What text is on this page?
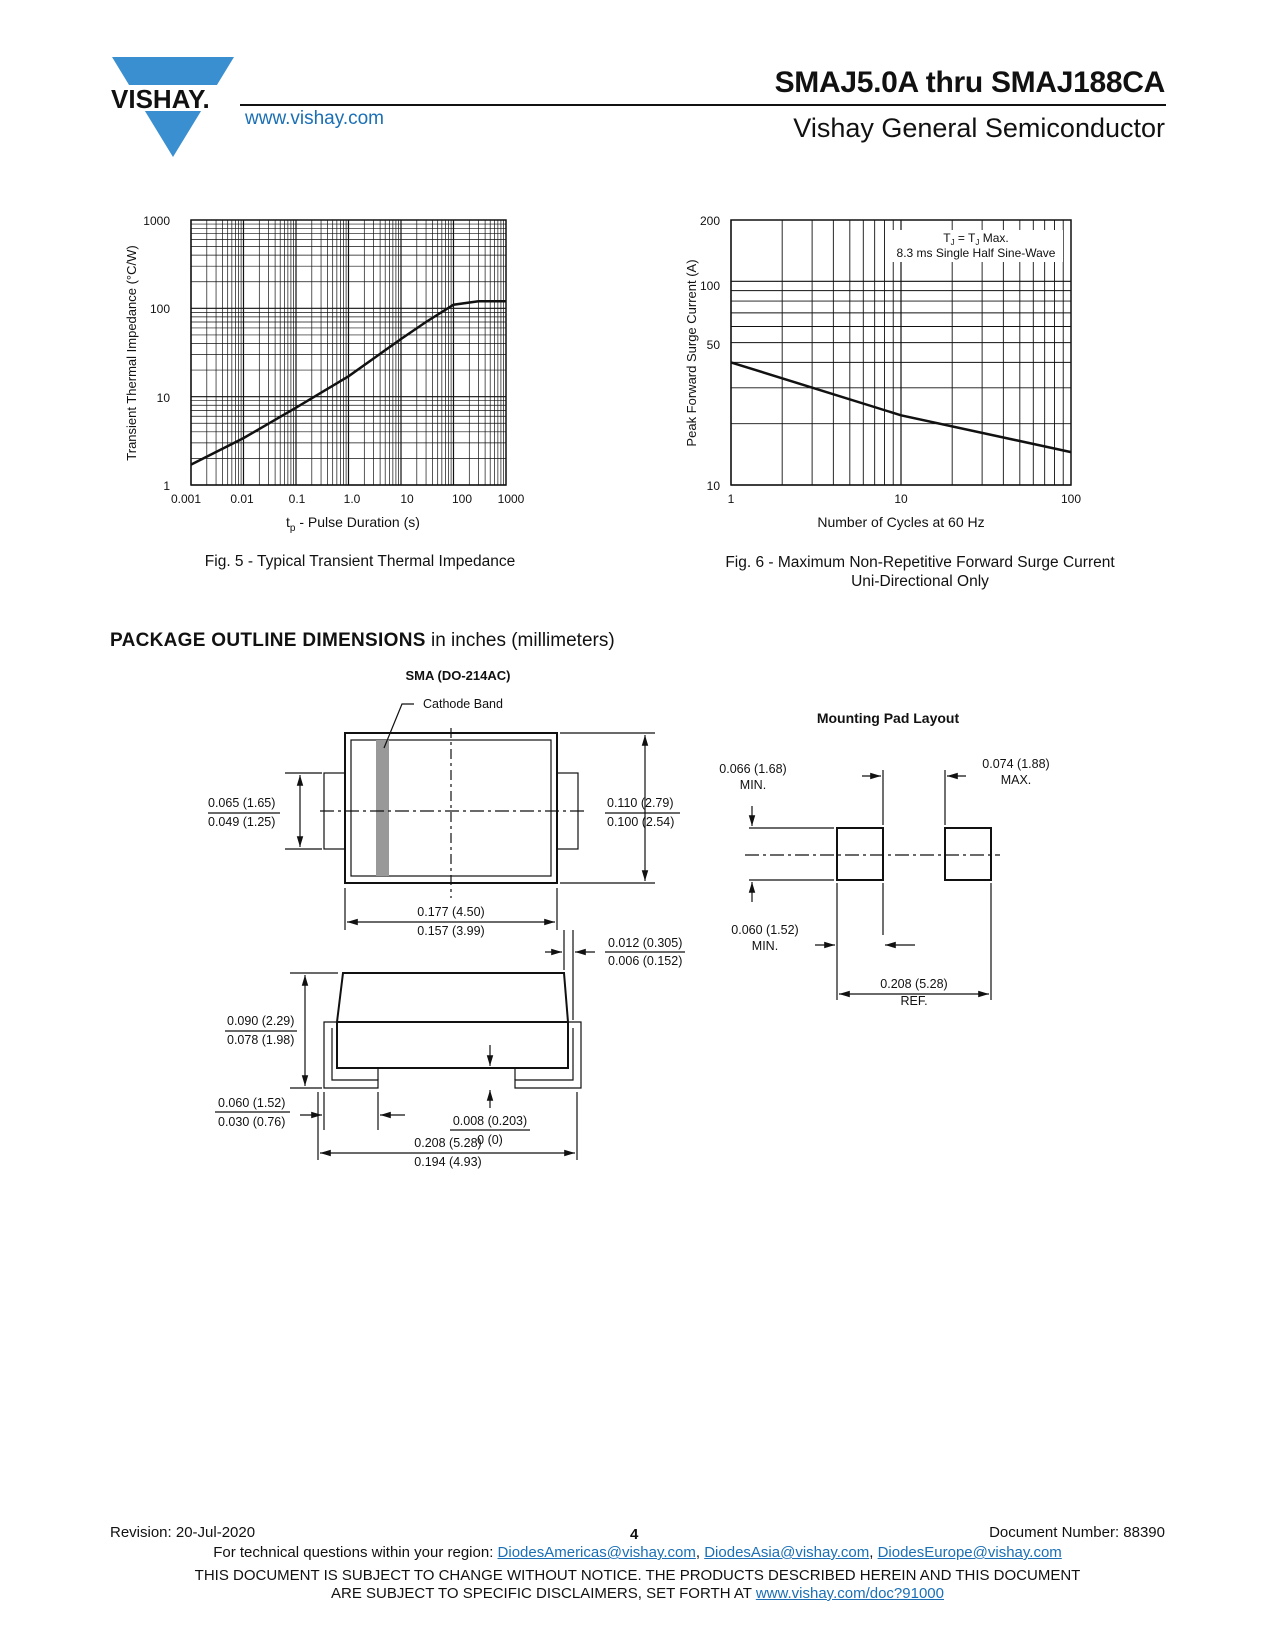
VISHAY.	SMAJ5.0A thru SMAJ188CA
www.vishay.com	Vishay General Semiconductor
1000
100
10
1
0.001 0.01	0.1	1.0	10	100 1000
Transient Thermal Impedance (°C/W)
$t_p$ - Pulse Duration (s)
Fig. 5 - Typical Transient Thermal Impedance
200
100
50
10
1	10	100
Peak Forward Surge Current (A)
Number of Cycles at 60 Hz
$T_J = T_J$ Max.
8.3 ms Single Half Sine-Wave
Fig. 6 - Maximum Non-Repetitive Forward Surge Current
Uni-Directional Only
PACKAGE OUTLINE DIMENSIONS in inches (millimeters)
SMA (DO-214AC)
Cathode Band
0.065 (1.65)
0.049 (1.25)
0.110 (2.79)
0.100 (2.54)
0.177 (4.50)
0.157 (3.99)
0.012 (0.305)
0.006 (0.152)
0.090 (2.29)
0.078 (1.98)
0.060 (1.52)
0.030 (0.76)	0.008 (0.203)
0 (0)
0.208 (5.28)
0.194 (4.93)
Mounting Pad Layout
0.066 (1.68)
MIN.
0.074 (1.88)
MAX.
0.060 (1.52)
MIN.
0.208 (5.28)
REF.
Revision: 20-Jul-2020	4	Document Number: 88390
For technical questions within your region: DiodesAmericas@vishay.com, DiodesAsia@vishay.com, DiodesEurope@vishay.com
THIS DOCUMENT IS SUBJECT TO CHANGE WITHOUT NOTICE. THE PRODUCTS DESCRIBED HEREIN AND THIS DOCUMENT
ARE SUBJECT TO SPECIFIC DISCLAIMERS, SET FORTH AT www.vishay.com/doc?91000
